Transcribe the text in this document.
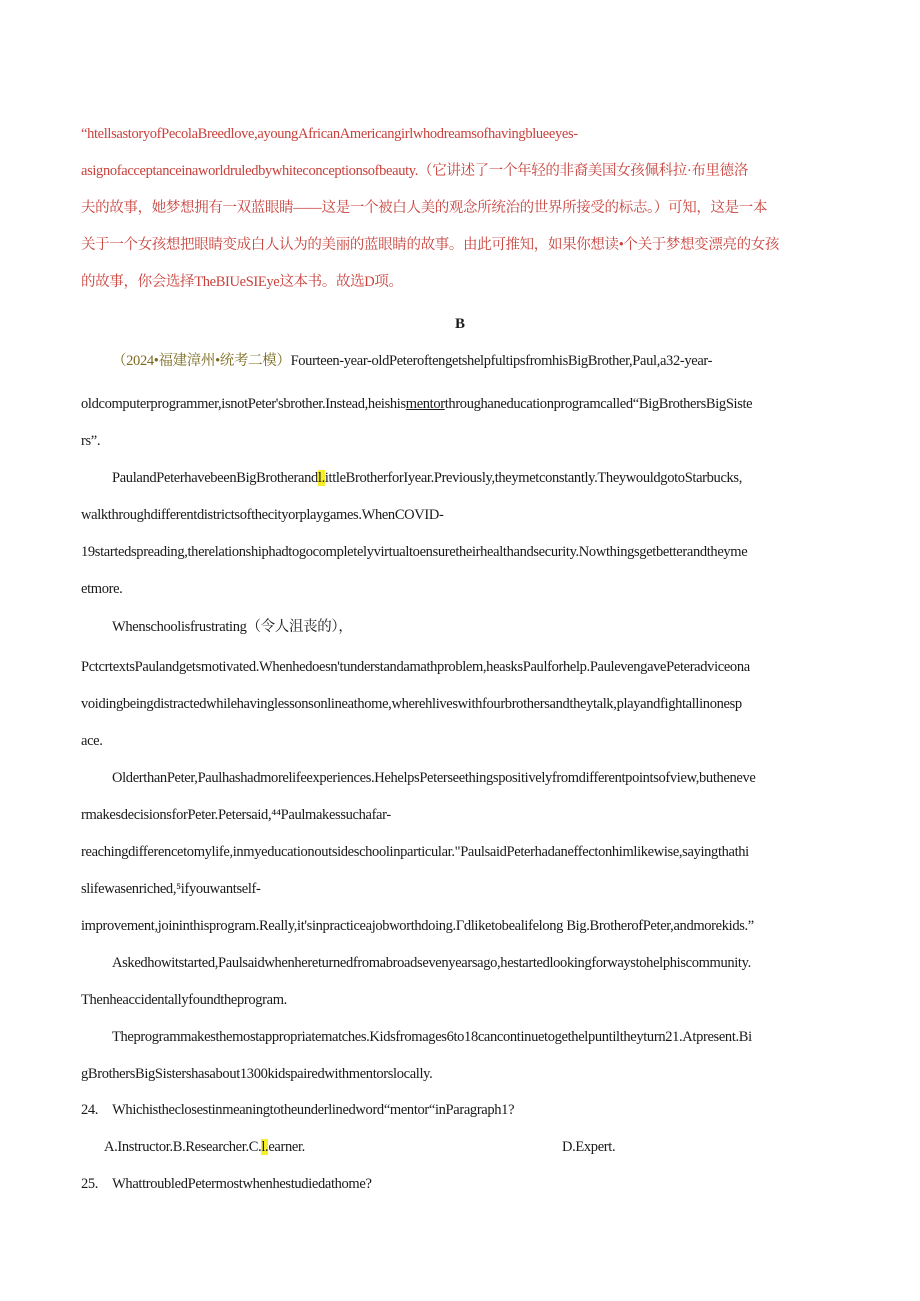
“htellsastoryofPecolaBreedlove,ayoungAfricanAmericangirlwhodreamsofhavingblueeyes-
asignofacceptanceinaworldruledbywhiteconceptionsofbeauty.（它讲述了一个年轻的非裔美国女孩佩科拉·布里德洛
夫的故事，她梦想拥有一双蓝眼睛——这是一个被白人美的观念所统治的世界所接受的标志。）可知，这是一本
关于一个女孩想把眼睛变成白人认为的美丽的蓝眼睛的故事。由此可推知，如果你想读•个关于梦想变漂亮的女孩
的故事，你会选择TheBIUeSIEye这本书。故选D项。
B
（2024•福建漳州•统考二模）Fourteen-year-oldPeteroftengetshelpfultipsfromhisBigBrother,Paul,a32-year-
oldcomputerprogrammer,isnotPeter'sbrother.Instead,heishismentorthroughaneducationprogramcalled“BigBrothersBigSiste
rs”.
PaulandPeterhavebeenBigBrotherandl.ittleBrotherforIyear.Previously,theymetconstantly.TheywouldgotoStarbucks,
walkthroughdifferentdistrictsofthecityorplaygames.WhenCOVID-
19startedspreading,therelationshiphadtogocompletelyvirtualtoensuretheirhealthandsecurity.Nowthingsgetbetterandtheyme
etmore.
Whenschoolisfrustrating（令人沮丧的），
PctcrtextsPaulandgetsmotivated.Whenhedoesn'tunderstandamathproblem,heasksPaulforhelp.PaulevengavePeteradviceona
voidingbeingdistractedwhilehavinglessonsonlineathome,wherehliveswithfourbrothersandtheytalk,playandfightallinonesp
ace.
OlderthanPeter,Paulhashadmorelifeexperiences.HehelpsPeterseethingspositivelyfromdifferentpointsofview,butheneve
rmakesdecisionsforPeter.Petersaid,⁴⁴Paulmakessuchafar-
reachingdifferencetomylife,inmyeducationoutsideschoolinparticular."PaulsaidPeterhadaneffectonhimlikewise,sayingthathi
slifewasenriched,⁵ifyouwantself-
improvement,joininthisprogram.Really,it'sinpracticeajobworthdoing.Γdliketobealifelong Big.BrotherofPeter,andmorekids.”
Askedhowitstarted,Paulsaidwhenhereturnedfromabroadsevenyearsago,hestartedlookingforwaystohelphiscommunity.
Thenheaccidentallyfoundtheprogram.
Theprogrammakesthemostappropriatematches.Kidsfromages6to18cancontinuetogethelpuntiltheyturn21.Atpresent.Bi
gBrothersBigSistershasabout1300kidspairedwithmentorslocally.
24. Whichistheclosestinmeaningtotheunderlinedword“mentor“inParagraph1?
A.Instructor.B.Researcher.C.l.earner.	D.Expert.
25. WhattroubledPetermostwhenhestudiedathome?
